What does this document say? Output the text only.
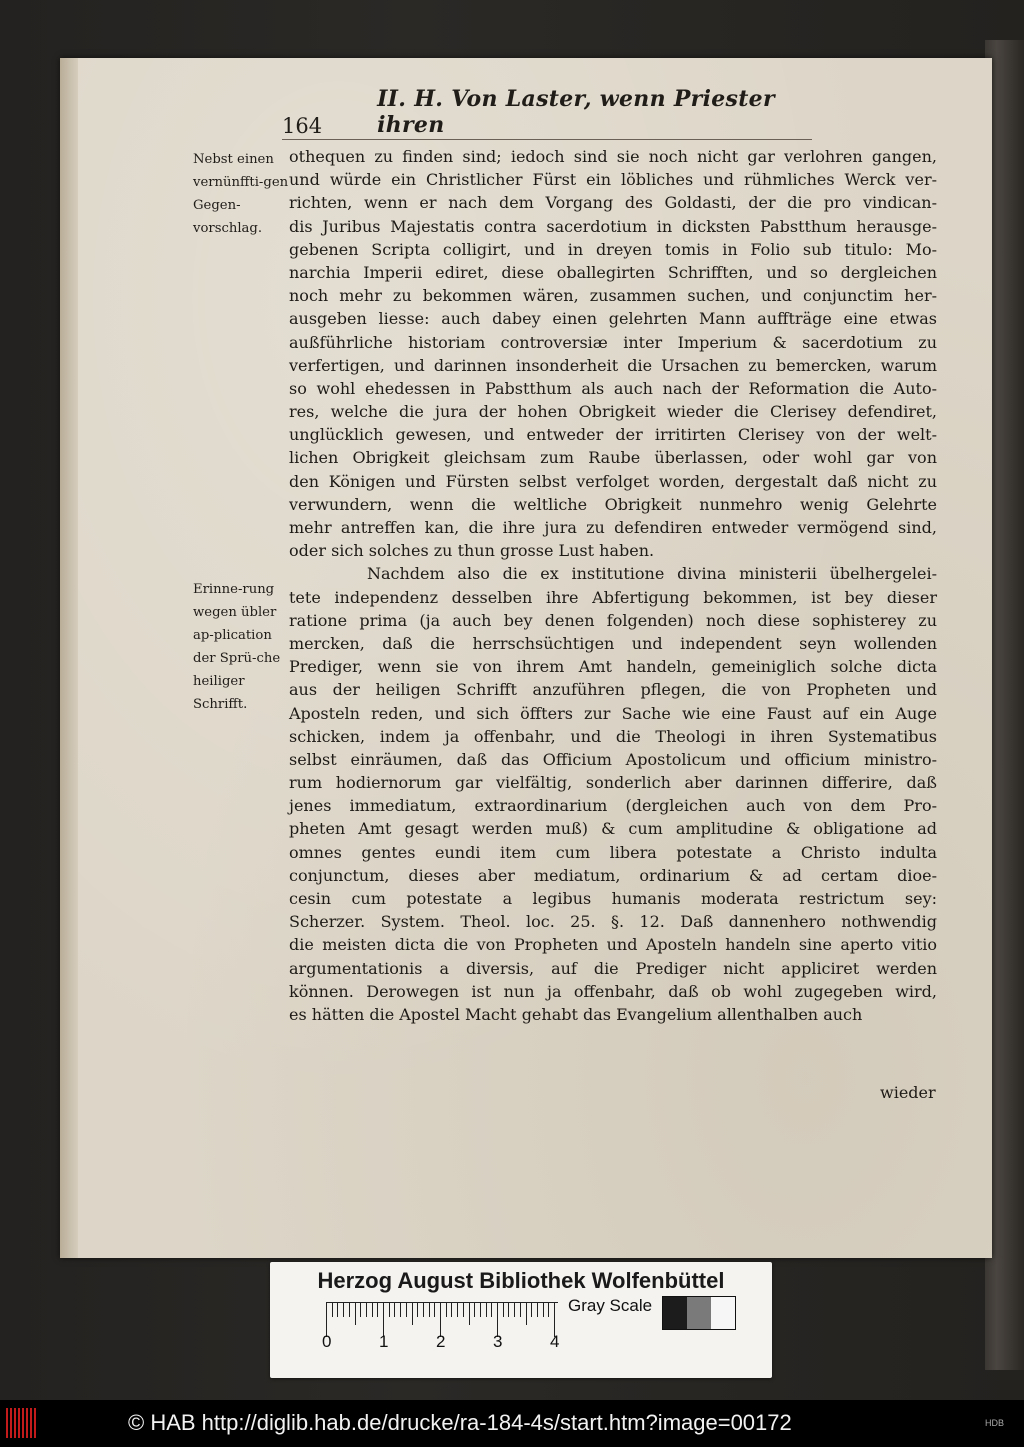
164
II. H. Von Laster, wenn Priester ihren
Nebst einen vernünffti-gen Gegen-vorschlag.
Erinne-rung wegen übler ap-plication der Sprü-che heiliger Schrifft.
othequen zu finden sind; iedoch sind sie noch nicht gar verlohren gangen,
und würde ein Christlicher Fürst ein löbliches und rühmliches Werck ver-
richten, wenn er nach dem Vorgang des Goldasti, der die pro vindican-
dis Juribus Majestatis contra sacerdotium in dicksten Pabstthum herausge-
gebenen Scripta colligirt, und in dreyen tomis in Folio sub titulo: Mo-
narchia Imperii ediret, diese oballegirten Schrifften, und so dergleichen
noch mehr zu bekommen wären, zusammen suchen, und conjunctim her-
ausgeben liesse: auch dabey einen gelehrten Mann auffträge eine etwas
außführliche historiam controversiæ inter Imperium & sacerdotium zu
verfertigen, und darinnen insonderheit die Ursachen zu bemercken, warum
so wohl ehedessen in Pabstthum als auch nach der Reformation die Auto-
res, welche die jura der hohen Obrigkeit wieder die Clerisey defendiret,
unglücklich gewesen, und entweder der irritirten Clerisey von der welt-
lichen Obrigkeit gleichsam zum Raube überlassen, oder wohl gar von
den Königen und Fürsten selbst verfolget worden, dergestalt daß nicht zu
verwundern, wenn die weltliche Obrigkeit nunmehro wenig Gelehrte
mehr antreffen kan, die ihre jura zu defendiren entweder vermögend sind,
oder sich solches zu thun grosse Lust haben.
Nachdem also die ex institutione divina ministerii übelhergelei-
tete independenz desselben ihre Abfertigung bekommen, ist bey dieser
ratione prima (ja auch bey denen folgenden) noch diese sophisterey zu
mercken, daß die herrschsüchtigen und independent seyn wollenden
Prediger, wenn sie von ihrem Amt handeln, gemeiniglich solche dicta
aus der heiligen Schrifft anzuführen pflegen, die von Propheten und
Aposteln reden, und sich öffters zur Sache wie eine Faust auf ein Auge
schicken, indem ja offenbahr, und die Theologi in ihren Systematibus
selbst einräumen, daß das Officium Apostolicum und officium ministro-
rum hodiernorum gar vielfältig, sonderlich aber darinnen differire, daß
jenes immediatum, extraordinarium (dergleichen auch von dem Pro-
pheten Amt gesagt werden muß) & cum amplitudine & obligatione ad
omnes gentes eundi item cum libera potestate a Christo indulta
conjunctum, dieses aber mediatum, ordinarium & ad certam dioe-
cesin cum potestate a legibus humanis moderata restrictum sey:
Scherzer. System. Theol. loc. 25. §. 12. Daß dannenhero nothwendig
die meisten dicta die von Propheten und Aposteln handeln sine aperto vitio
argumentationis a diversis, auf die Prediger nicht appliciret werden
können. Derowegen ist nun ja offenbahr, daß ob wohl zugegeben wird,
es hätten die Apostel Macht gehabt das Evangelium allenthalben auch
wieder
Herzog August Bibliothek Wolfenbüttel
0	1	2	3	4
Gray Scale
© HAB http://diglib.hab.de/drucke/ra-184-4s/start.htm?image=00172	HDB
